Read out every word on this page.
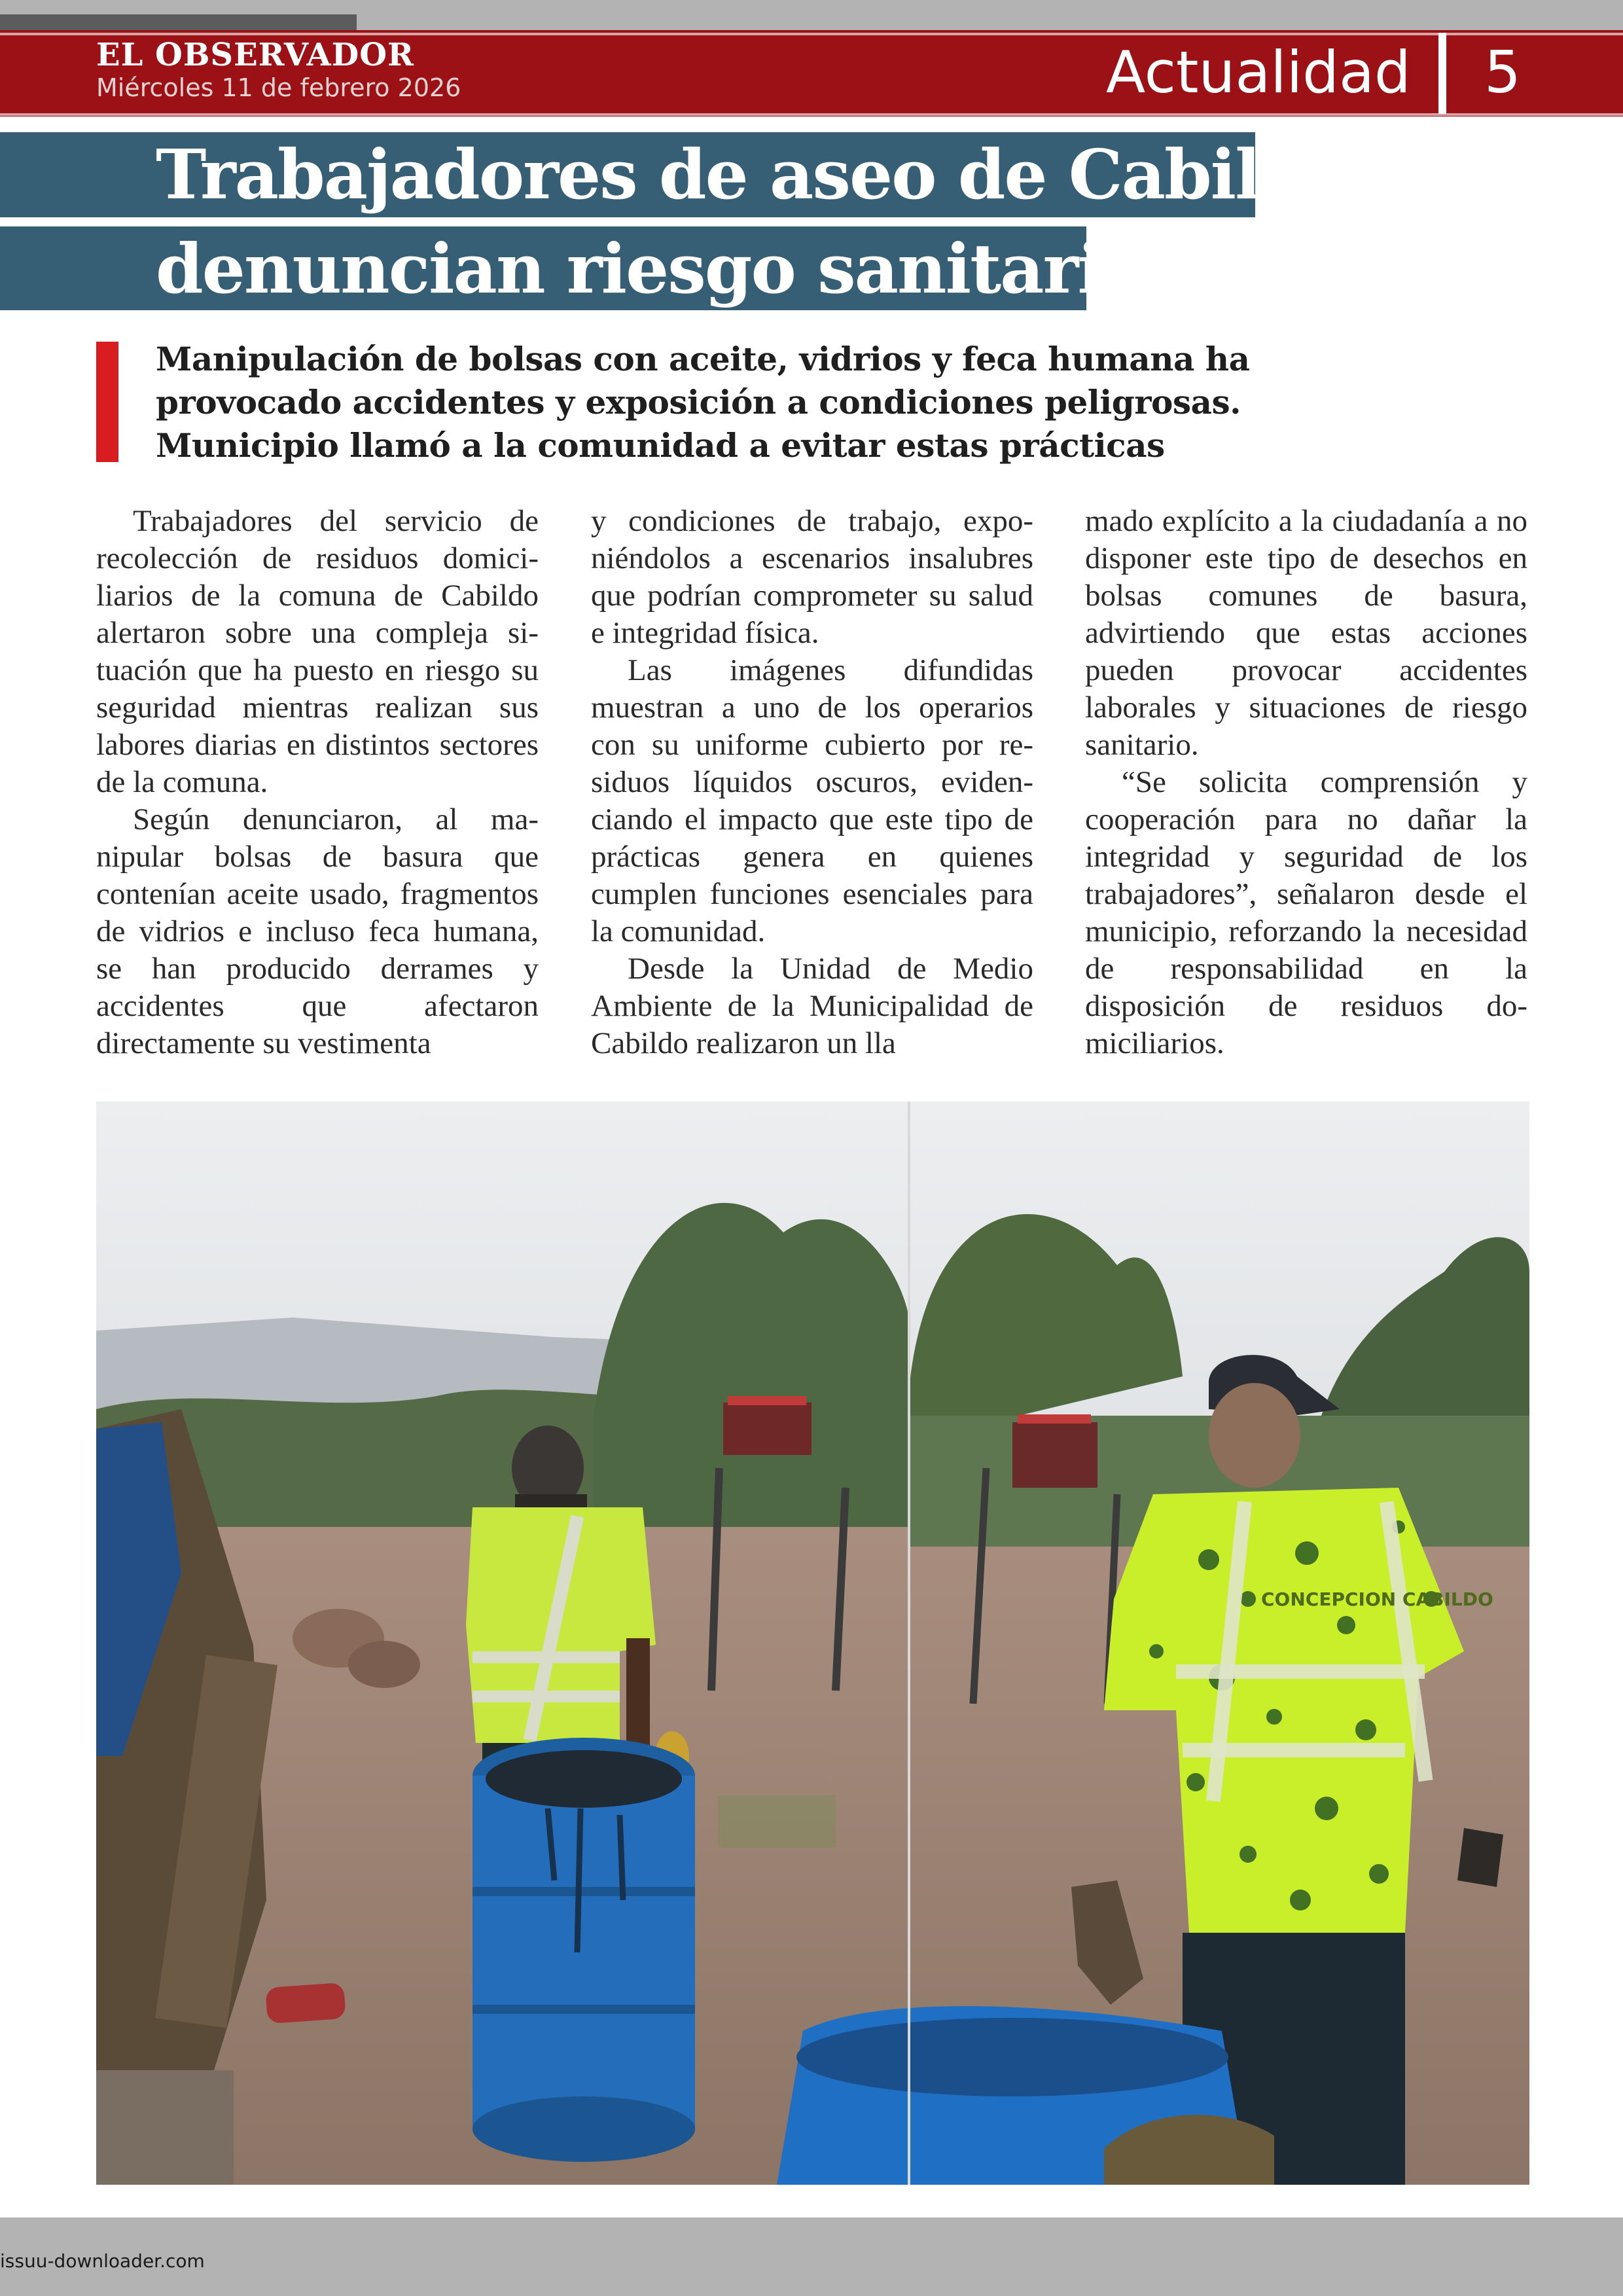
EL OBSERVADOR
Miércoles 11 de febrero 2026	Actualidad 5
Trabajadores de aseo de Cabildo
denuncian riesgo sanitario
Manipulación de bolsas con aceite, vidrios y feca humana ha
provocado accidentes y exposición a condiciones peligrosas.
Municipio llamó a la comunidad a evitar estas prácticas

Trabajadores del servicio de recolección de residuos domiciliarios de la comuna de Cabildo alertaron sobre una compleja situación que ha puesto en riesgo su seguridad mientras realizan sus labores diarias en distintos sectores de la comuna.

Según denunciaron, al manipular bolsas de basura que contenían aceite usado, fragmentos de vidrios e incluso feca humana, se han producido derrames y accidentes que afectaron directamente su vestimenta

y condiciones de trabajo, exponiéndolos a escenarios insalubres que podrían comprometer su salud e integridad física.

Las imágenes difundidas muestran a uno de los operarios con su uniforme cubierto por residuos líquidos oscuros, evidenciando el impacto que este tipo de prácticas genera en quienes cumplen funciones esenciales para la comunidad.

Desde la Unidad de Medio Ambiente de la Municipalidad de Cabildo realizaron un lla

mado explícito a la ciudadanía a no disponer este tipo de desechos en bolsas comunes de basura, advirtiendo que estas acciones pueden provocar accidentes laborales y situaciones de riesgo sanitario.

“Se solicita comprensión y cooperación para no dañar la integridad y seguridad de los trabajadores”, señalaron desde el municipio, reforzando la necesidad de responsabilidad en la disposición de residuos domiciliarios.

CONCEPCION CABILDO
issuu-downloader.com
